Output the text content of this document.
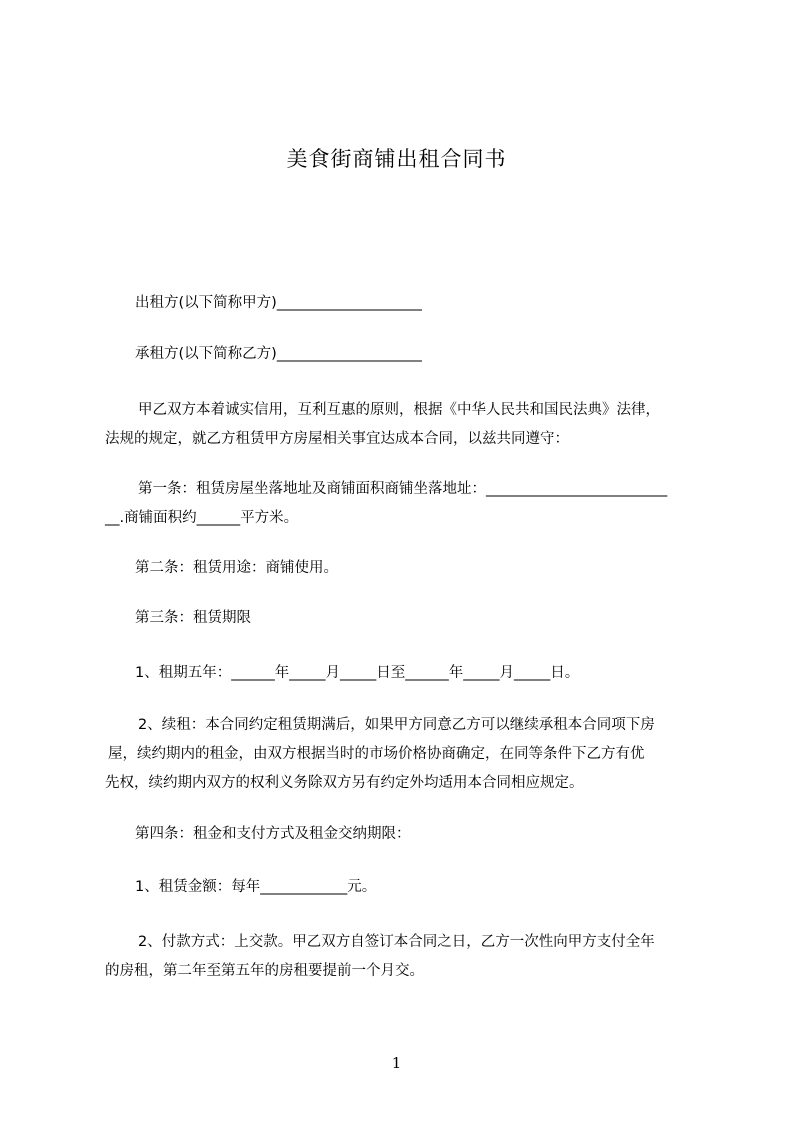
美食街商铺出租合同书
出租方(以下简称甲方)____________________
承租方(以下简称乙方)____________________
甲乙双方本着诚实信用，互利互惠的原则，根据《中华人民共和国民法典》法律，
法规的规定，就乙方租赁甲方房屋相关事宜达成本合同，以兹共同遵守：
第一条：租赁房屋坐落地址及商铺面积商铺坐落地址：_________________________
__.商铺面积约______平方米。
第二条：租赁用途：商铺使用。
第三条：租赁期限
1、租期五年：______年_____月_____日至______年_____月_____日。
2、续租：本合同约定租赁期满后，如果甲方同意乙方可以继续承租本合同项下房
屋，续约期内的租金，由双方根据当时的市场价格协商确定，在同等条件下乙方有优
先权，续约期内双方的权利义务除双方另有约定外均适用本合同相应规定。
第四条：租金和支付方式及租金交纳期限：
1、租赁金额：每年____________元。
2、付款方式：上交款。甲乙双方自签订本合同之日，乙方一次性向甲方支付全年
的房租，第二年至第五年的房租要提前一个月交。
1
